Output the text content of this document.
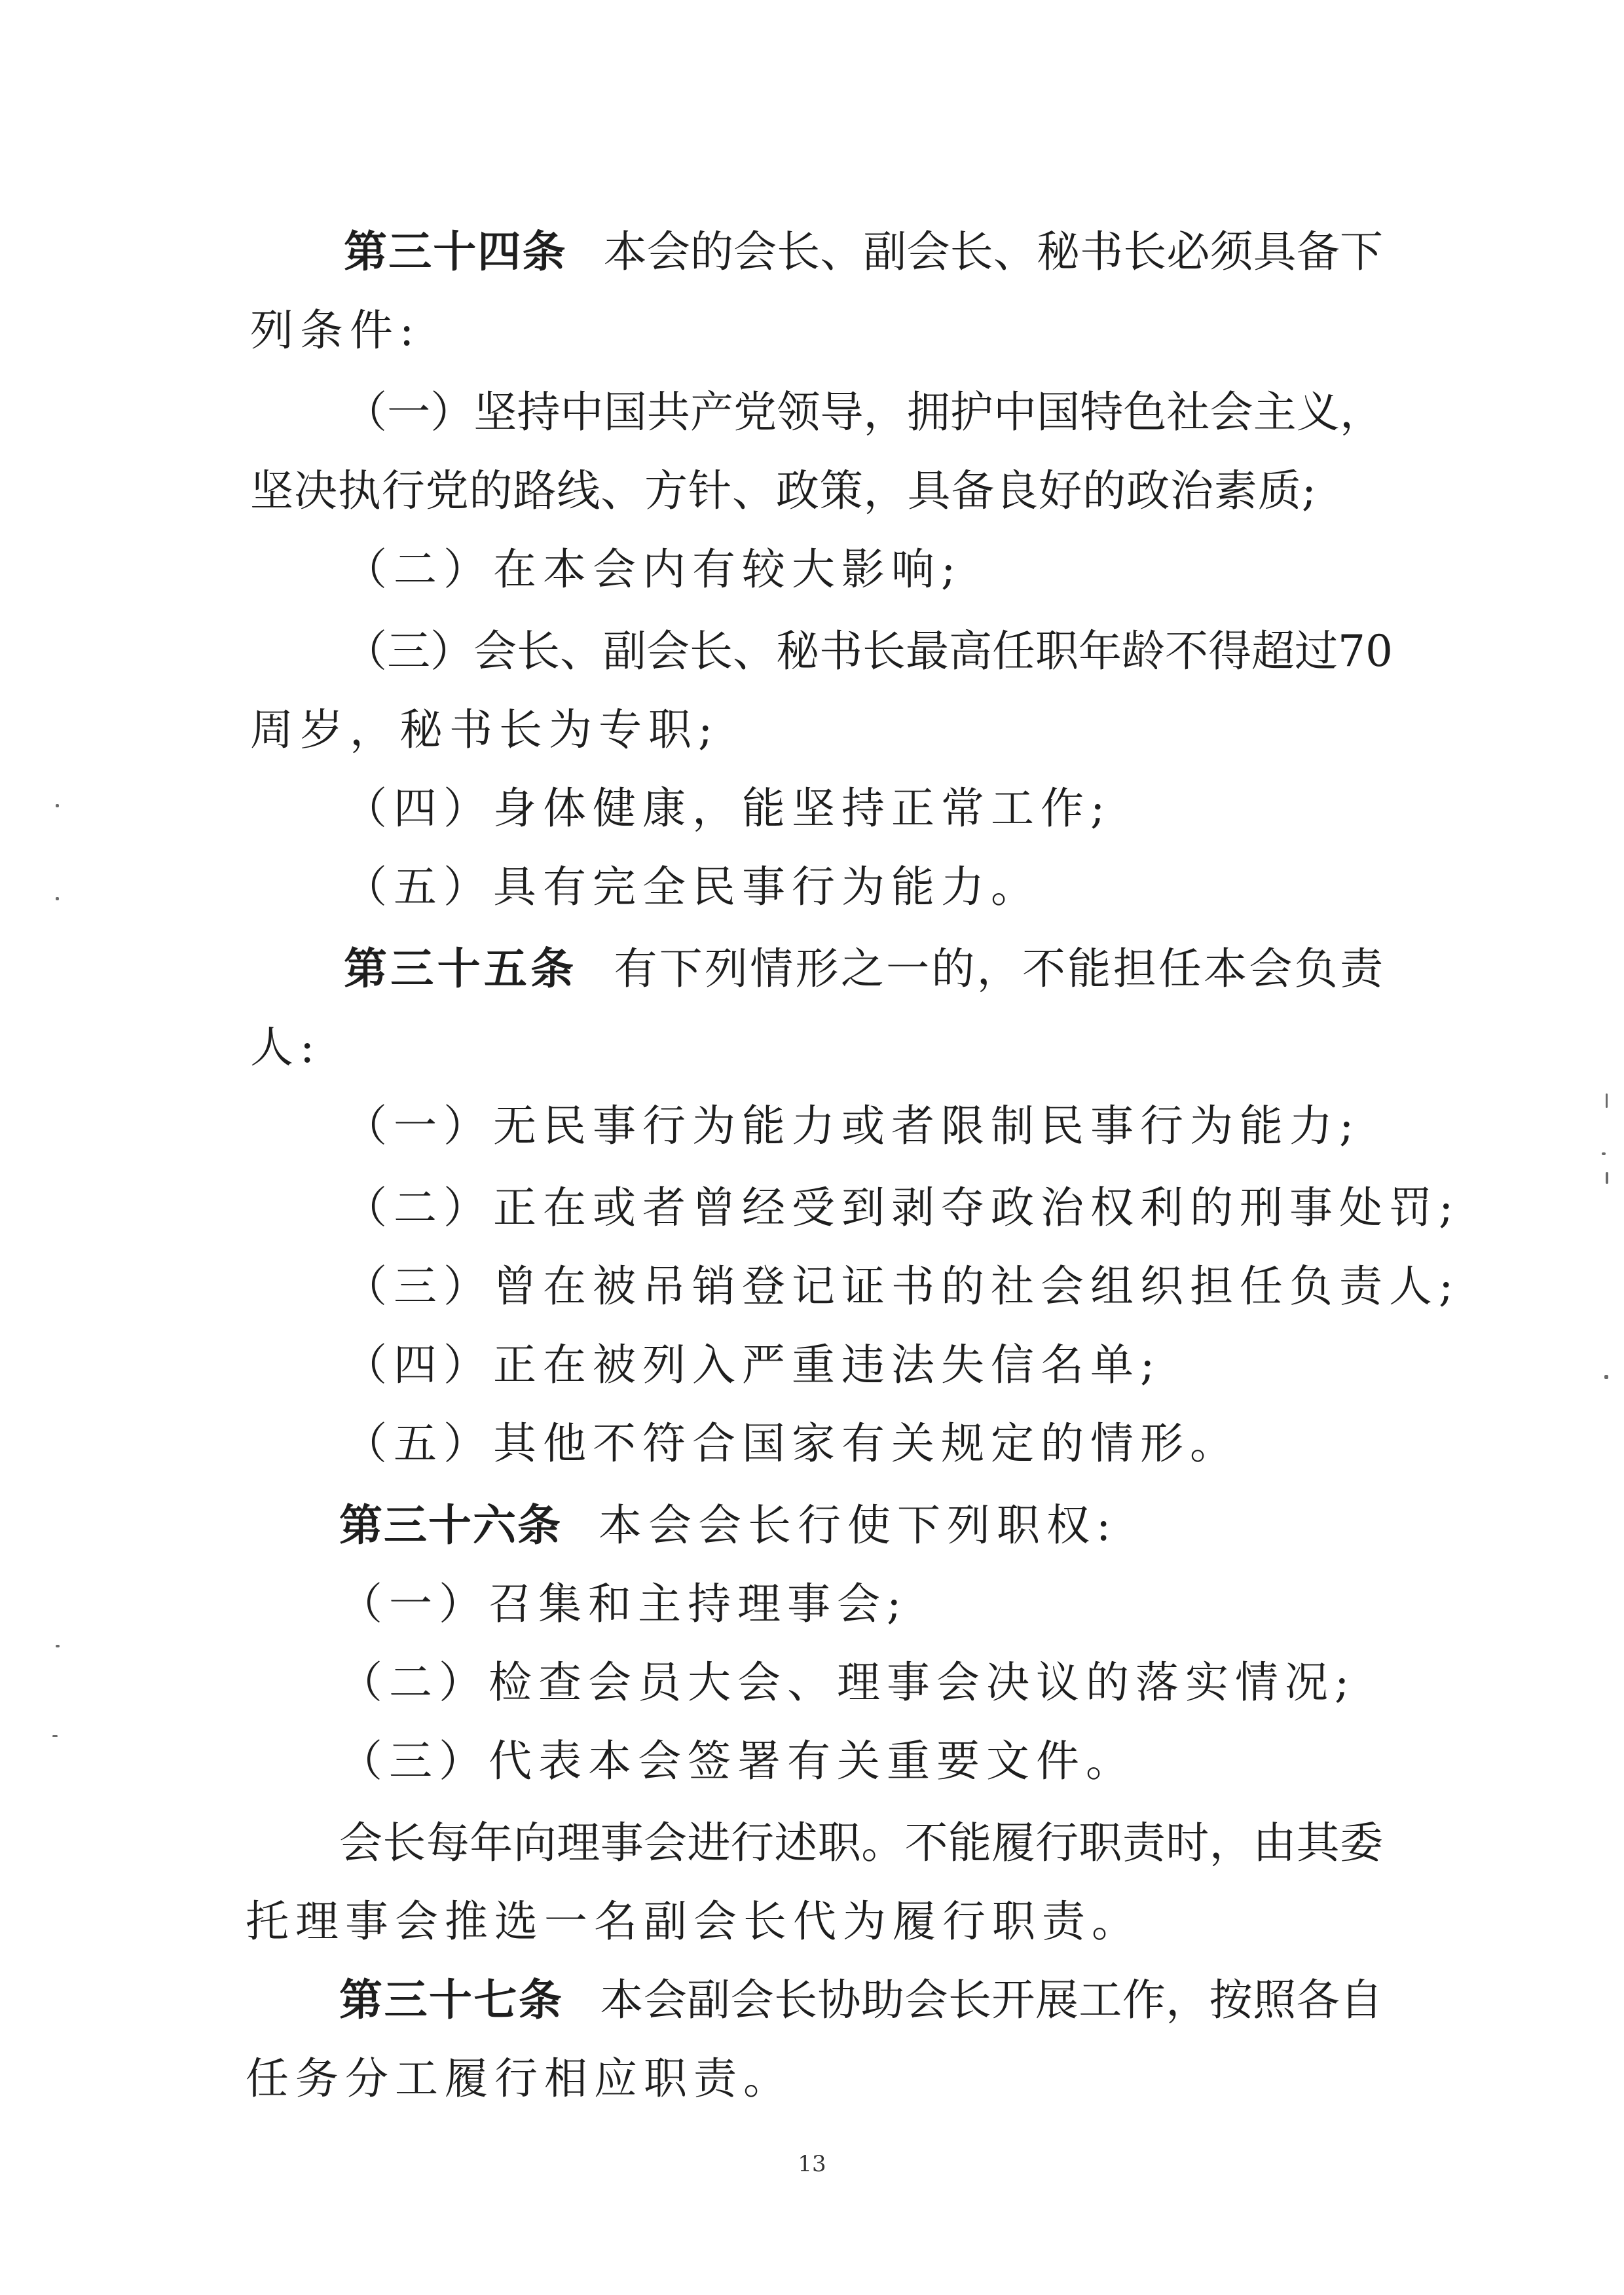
第三十四条 本会的会长、副会长、秘书长必须具备下
列条件:
（一）坚持中国共产党领导，拥护中国特色社会主义，
坚决执行党的路线、方针、政策，具备良好的政治素质;
（二）在本会内有较大影响;
（三）会长、副会长、秘书长最高任职年龄不得超过70
周岁，秘书长为专职;
（四）身体健康，能坚持正常工作;
（五）具有完全民事行为能力。
第三十五条 有下列情形之一的，不能担任本会负责
人:
（一）无民事行为能力或者限制民事行为能力;
（二）正在或者曾经受到剥夺政治权利的刑事处罚;
（三）曾在被吊销登记证书的社会组织担任负责人;
（四）正在被列入严重违法失信名单;
（五）其他不符合国家有关规定的情形。
第三十六条 本会会长行使下列职权:
（一）召集和主持理事会;
（二）检查会员大会、理事会决议的落实情况;
（三）代表本会签署有关重要文件。
会长每年向理事会进行述职。不能履行职责时，由其委
托理事会推选一名副会长代为履行职责。
第三十七条 本会副会长协助会长开展工作，按照各自
任务分工履行相应职责。
13
